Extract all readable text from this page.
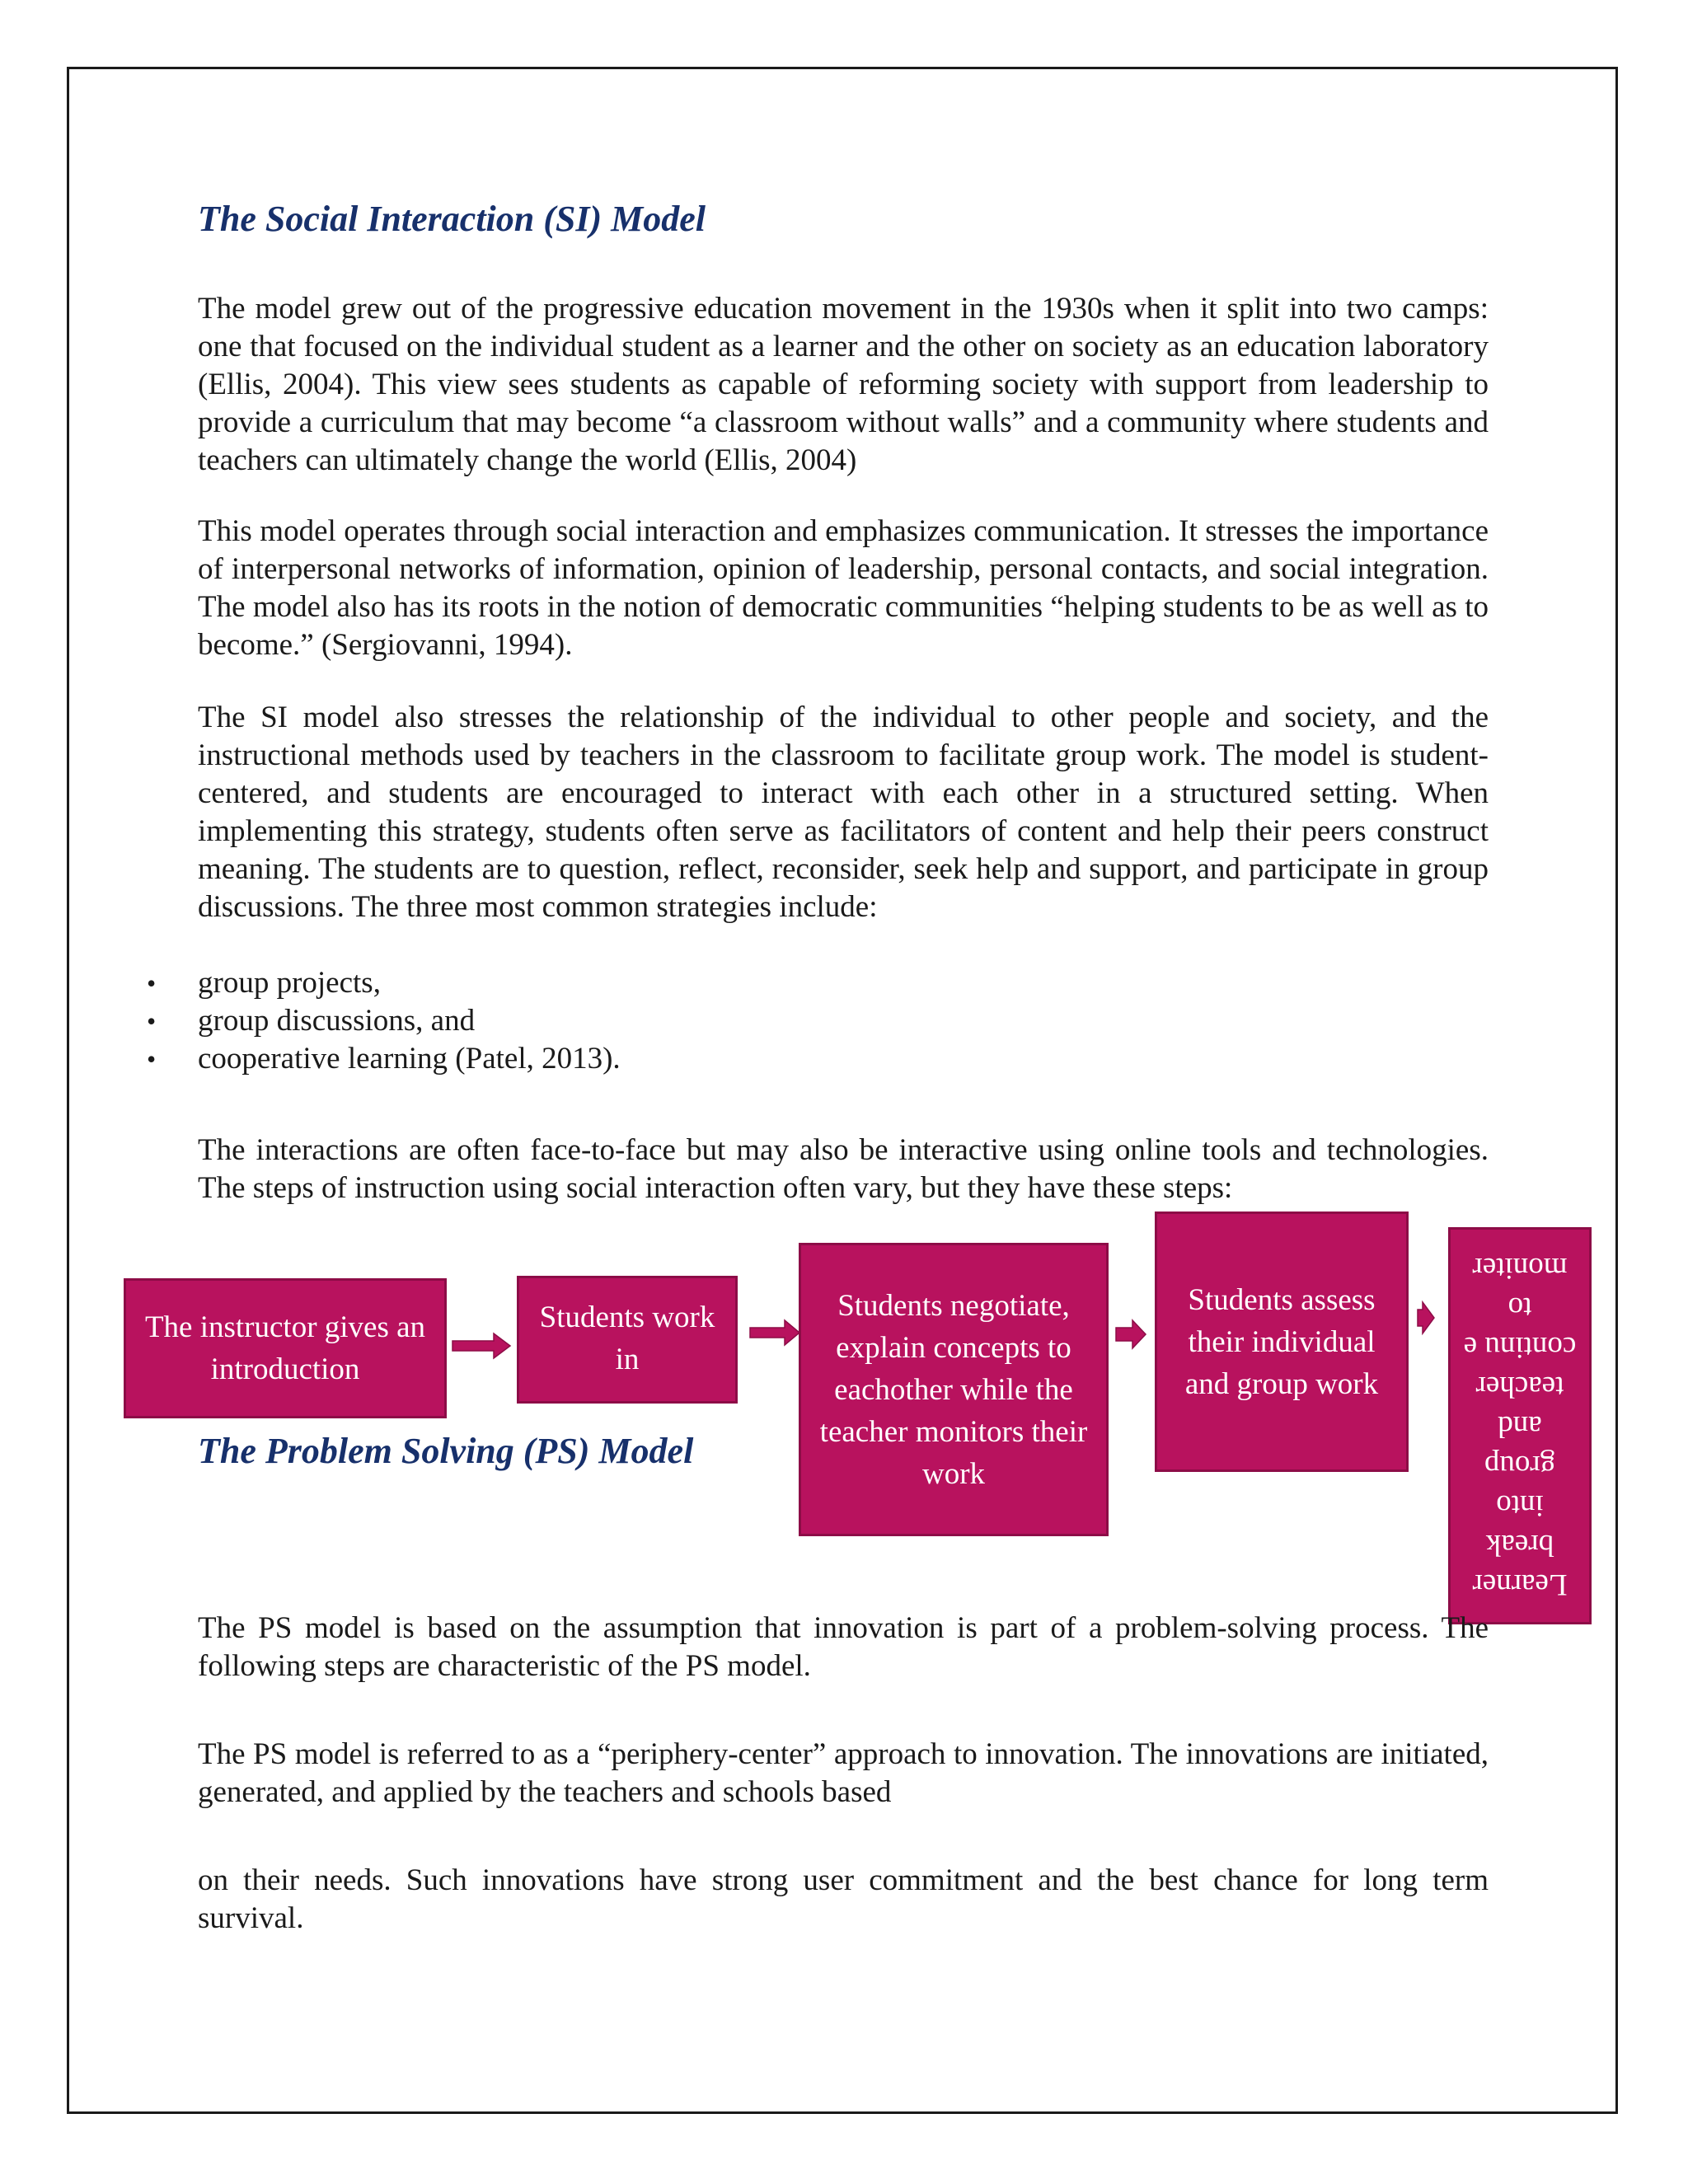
The Social Interaction (SI) Model

The model grew out of the progressive education movement in the 1930s when it split into two camps: one that focused on the individual student as a learner and the other on society as an education laboratory (Ellis, 2004). This view sees students as capable of reforming society with support from leadership to provide a curriculum that may become “a classroom without walls” and a community where students and teachers can ultimately change the world (Ellis, 2004)

This model operates through social interaction and emphasizes communication. It stresses the importance of interpersonal networks of information, opinion of leadership, personal contacts, and social integration. The model also has its roots in the notion of democratic communities “helping students to be as well as to become.” (Sergiovanni, 1994).

The SI model also stresses the relationship of the individual to other people and society, and the instructional methods used by teachers in the classroom to facilitate group work. The model is student-centered, and students are encouraged to interact with each other in a structured setting. When implementing this strategy, students often serve as facilitators of content and help their peers construct meaning. The students are to question, reflect, reconsider, seek help and support, and participate in group discussions. The three most common strategies include:

• group projects,
• group discussions, and
• cooperative learning (Patel, 2013).

The interactions are often face-to-face but may also be interactive using online tools and technologies. The steps of instruction using social interaction often vary, but they have these steps:

The instructor gives an introduction
Students work in
Students negotiate, explain concepts to eachother while the teacher monitors their work
Students assess their individual and group work
Learner break into group and teacher continu e to moniter
The Problem Solving (PS) Model

The PS model is based on the assumption that innovation is part of a problem-solving process. The following steps are characteristic of the PS model.

The PS model is referred to as a “periphery-center” approach to innovation. The innovations are initiated, generated, and applied by the teachers and schools based

on their needs. Such innovations have strong user commitment and the best chance for long term survival.
